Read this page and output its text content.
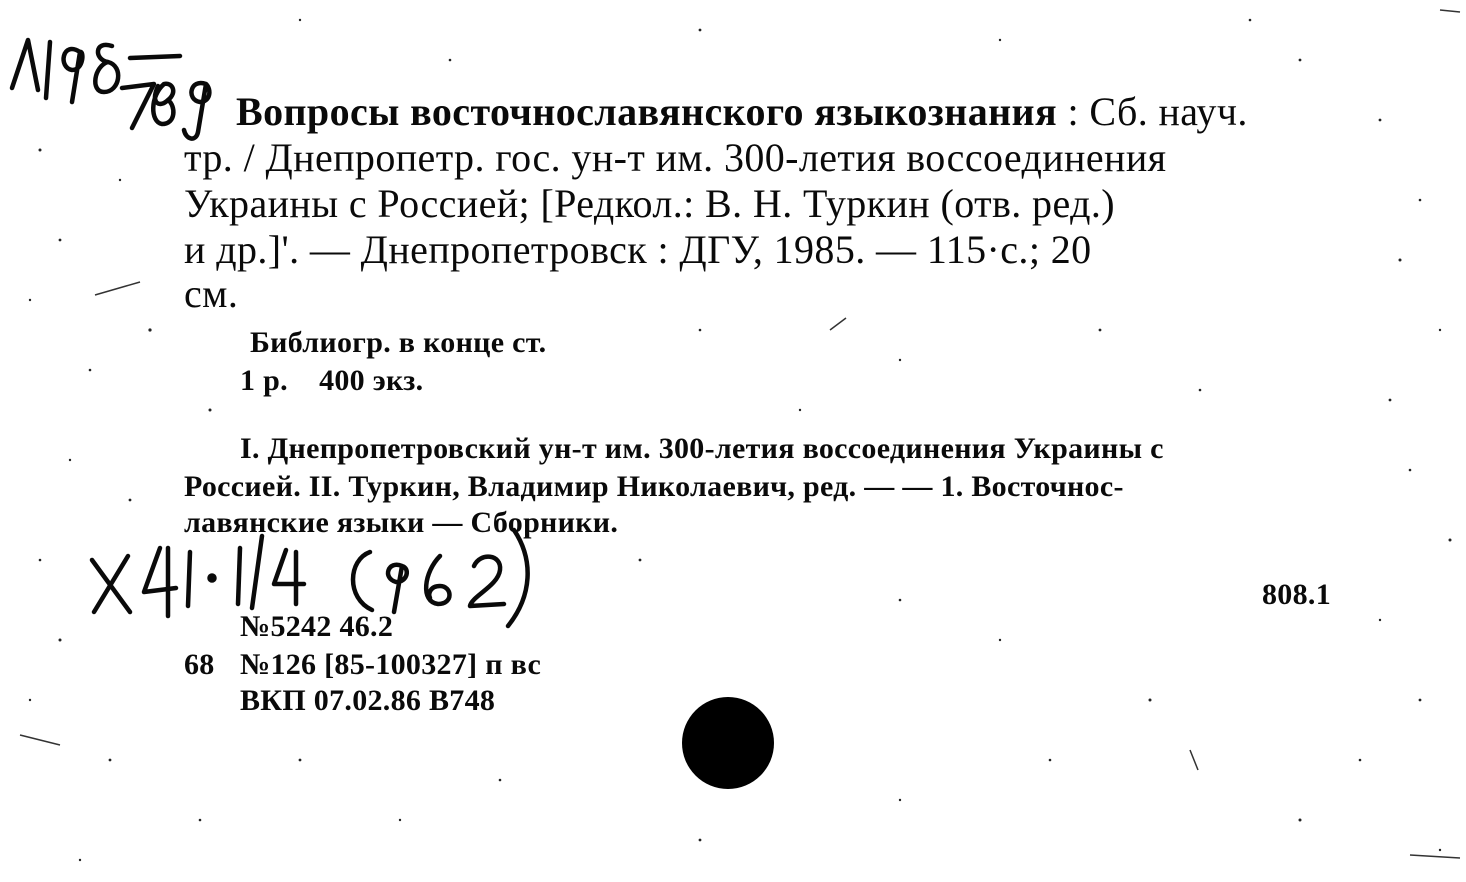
Вопросы восточнославянского языкознания : Сб. науч.
тр. / Днепропетр. гос. ун-т им. 300-летия воссоединения
Украины с Россией; [Редкол.: В. Н. Туркин (отв. ред.)
и др.]'. — Днепропетровск : ДГУ, 1985. — 115·с.; 20
см.
Библиогр. в конце ст.
1 р.    400 экз.
I. Днепропетровский ун-т им. 300-летия воссоединения Украины с
Россией. II. Туркин, Владимир Николаевич, ред. — — 1. Восточнос-
лавянские языки — Сборники.
808.1
№5242 46.2
68 №126 [85-100327] п вс
ВКП 07.02.86 В748
